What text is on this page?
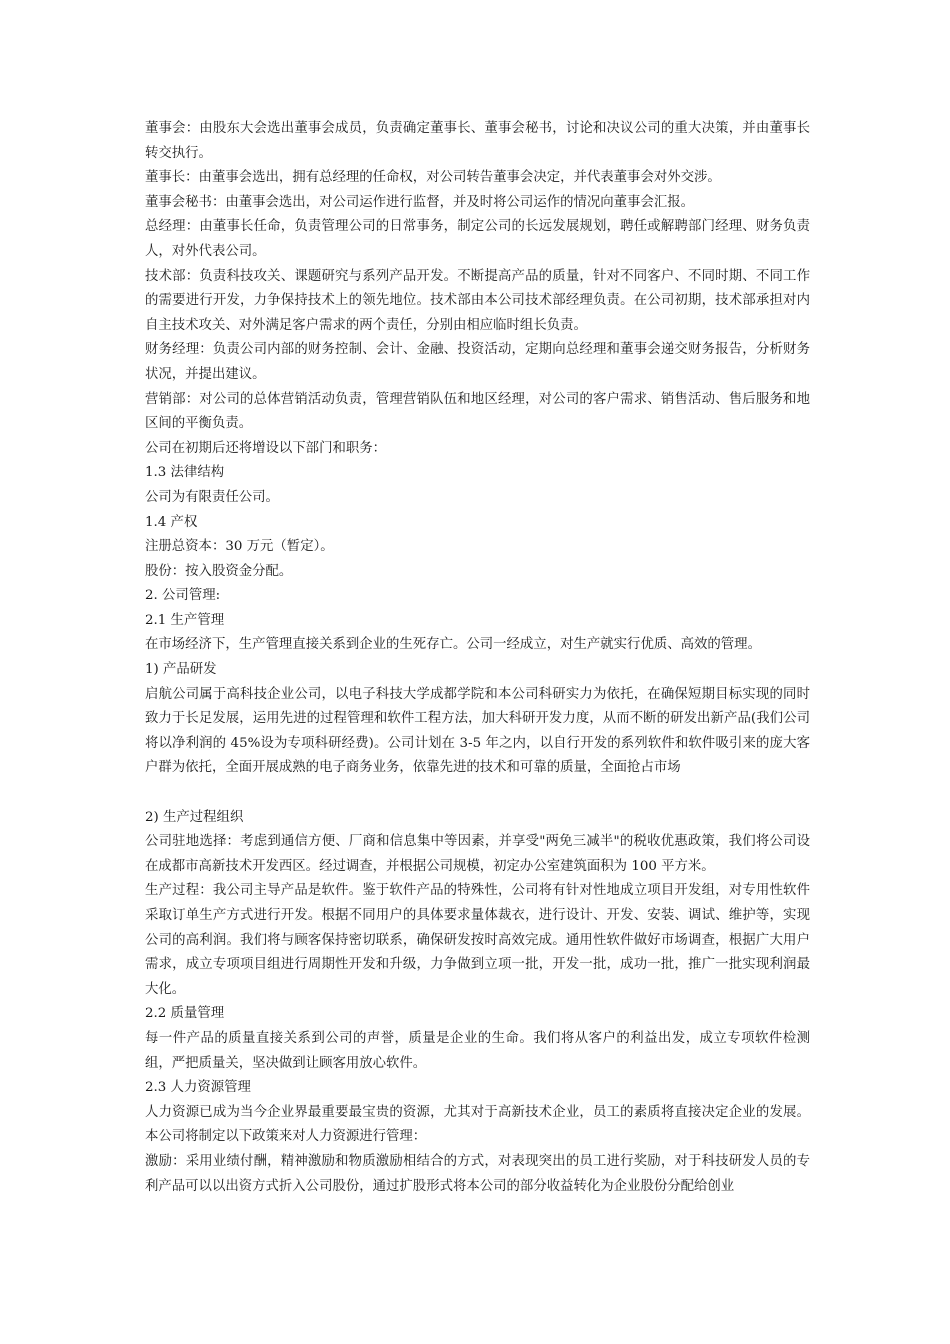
董事会：由股东大会选出董事会成员，负责确定董事长、董事会秘书，讨论和决议公司的重大决策，并由董事长转交执行。

董事长：由董事会选出，拥有总经理的任命权，对公司转告董事会决定，并代表董事会对外交涉。

董事会秘书：由董事会选出，对公司运作进行监督，并及时将公司运作的情况向董事会汇报。

总经理：由董事长任命，负责管理公司的日常事务，制定公司的长远发展规划，聘任或解聘部门经理、财务负责人，对外代表公司。

技术部：负责科技攻关、课题研究与系列产品开发。不断提高产品的质量，针对不同客户、不同时期、不同工作的需要进行开发，力争保持技术上的领先地位。技术部由本公司技术部经理负责。在公司初期，技术部承担对内自主技术攻关、对外满足客户需求的两个责任，分别由相应临时组长负责。

财务经理：负责公司内部的财务控制、会计、金融、投资活动，定期向总经理和董事会递交财务报告，分析财务状况，并提出建议。

营销部：对公司的总体营销活动负责，管理营销队伍和地区经理，对公司的客户需求、销售活动、售后服务和地区间的平衡负责。

公司在初期后还将增设以下部门和职务：

1.3 法律结构

公司为有限责任公司。

1.4 产权

注册总资本：30 万元（暂定）。

股份：按入股资金分配。

2. 公司管理:

2.1 生产管理

在市场经济下，生产管理直接关系到企业的生死存亡。公司一经成立，对生产就实行优质、高效的管理。

1) 产品研发

启航公司属于高科技企业公司，以电子科技大学成都学院和本公司科研实力为依托，在确保短期目标实现的同时致力于长足发展，运用先进的过程管理和软件工程方法，加大科研开发力度，从而不断的研发出新产品(我们公司将以净利润的 45%设为专项科研经费)。公司计划在 3-5 年之内，以自行开发的系列软件和软件吸引来的庞大客户群为依托，全面开展成熟的电子商务业务，依靠先进的技术和可靠的质量，全面抢占市场

2) 生产过程组织

公司驻地选择：考虑到通信方便、厂商和信息集中等因素，并享受"两免三减半"的税收优惠政策，我们将公司设在成都市高新技术开发西区。经过调查，并根据公司规模，初定办公室建筑面积为 100 平方米。

生产过程：我公司主导产品是软件。鉴于软件产品的特殊性，公司将有针对性地成立项目开发组，对专用性软件采取订单生产方式进行开发。根据不同用户的具体要求量体裁衣，进行设计、开发、安装、调试、维护等，实现公司的高利润。我们将与顾客保持密切联系，确保研发按时高效完成。通用性软件做好市场调查，根据广大用户需求，成立专项项目组进行周期性开发和升级，力争做到立项一批，开发一批，成功一批，推广一批实现利润最大化。

2.2 质量管理

每一件产品的质量直接关系到公司的声誉，质量是企业的生命。我们将从客户的利益出发，成立专项软件检测组，严把质量关，坚决做到让顾客用放心软件。

2.3 人力资源管理

人力资源已成为当今企业界最重要最宝贵的资源，尤其对于高新技术企业，员工的素质将直接决定企业的发展。本公司将制定以下政策来对人力资源进行管理：

激励：采用业绩付酬，精神激励和物质激励相结合的方式，对表现突出的员工进行奖励，对于科技研发人员的专利产品可以以出资方式折入公司股份，通过扩股形式将本公司的部分收益转化为企业股份分配给创业
